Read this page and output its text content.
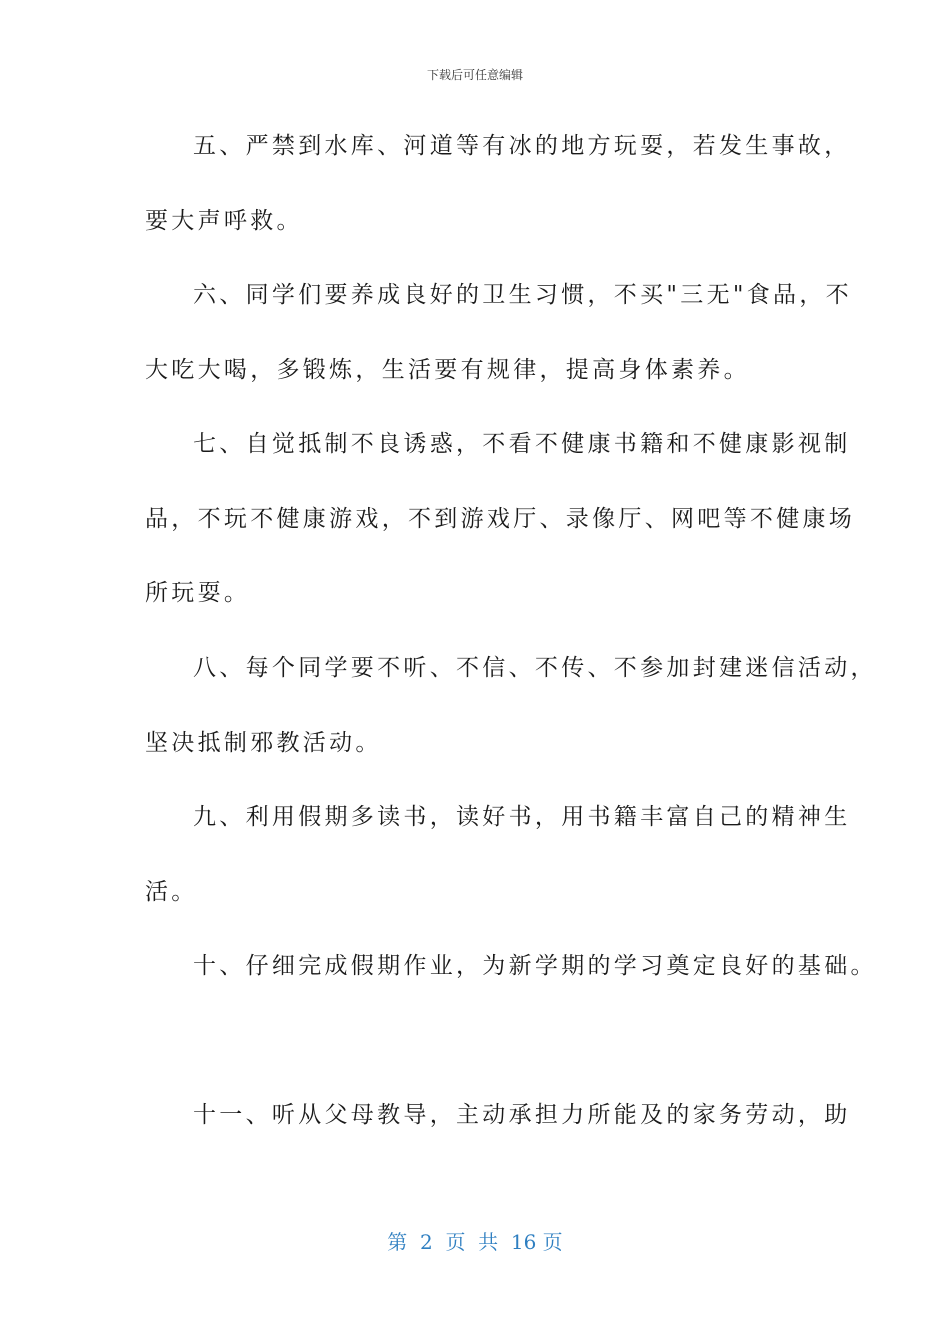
下载后可任意编辑
五、严禁到水库、河道等有冰的地方玩耍，若发生事故，
要大声呼救。
六、同学们要养成良好的卫生习惯，不买"三无"食品，不
大吃大喝，多锻炼，生活要有规律，提高身体素养。
七、自觉抵制不良诱惑，不看不健康书籍和不健康影视制
品，不玩不健康游戏，不到游戏厅、录像厅、网吧等不健康场
所玩耍。
八、每个同学要不听、不信、不传、不参加封建迷信活动，
坚决抵制邪教活动。
九、利用假期多读书，读好书，用书籍丰富自己的精神生
活。
十、仔细完成假期作业，为新学期的学习奠定良好的基础。
十一、听从父母教导，主动承担力所能及的家务劳动，助
第  2  页  共  16 页
